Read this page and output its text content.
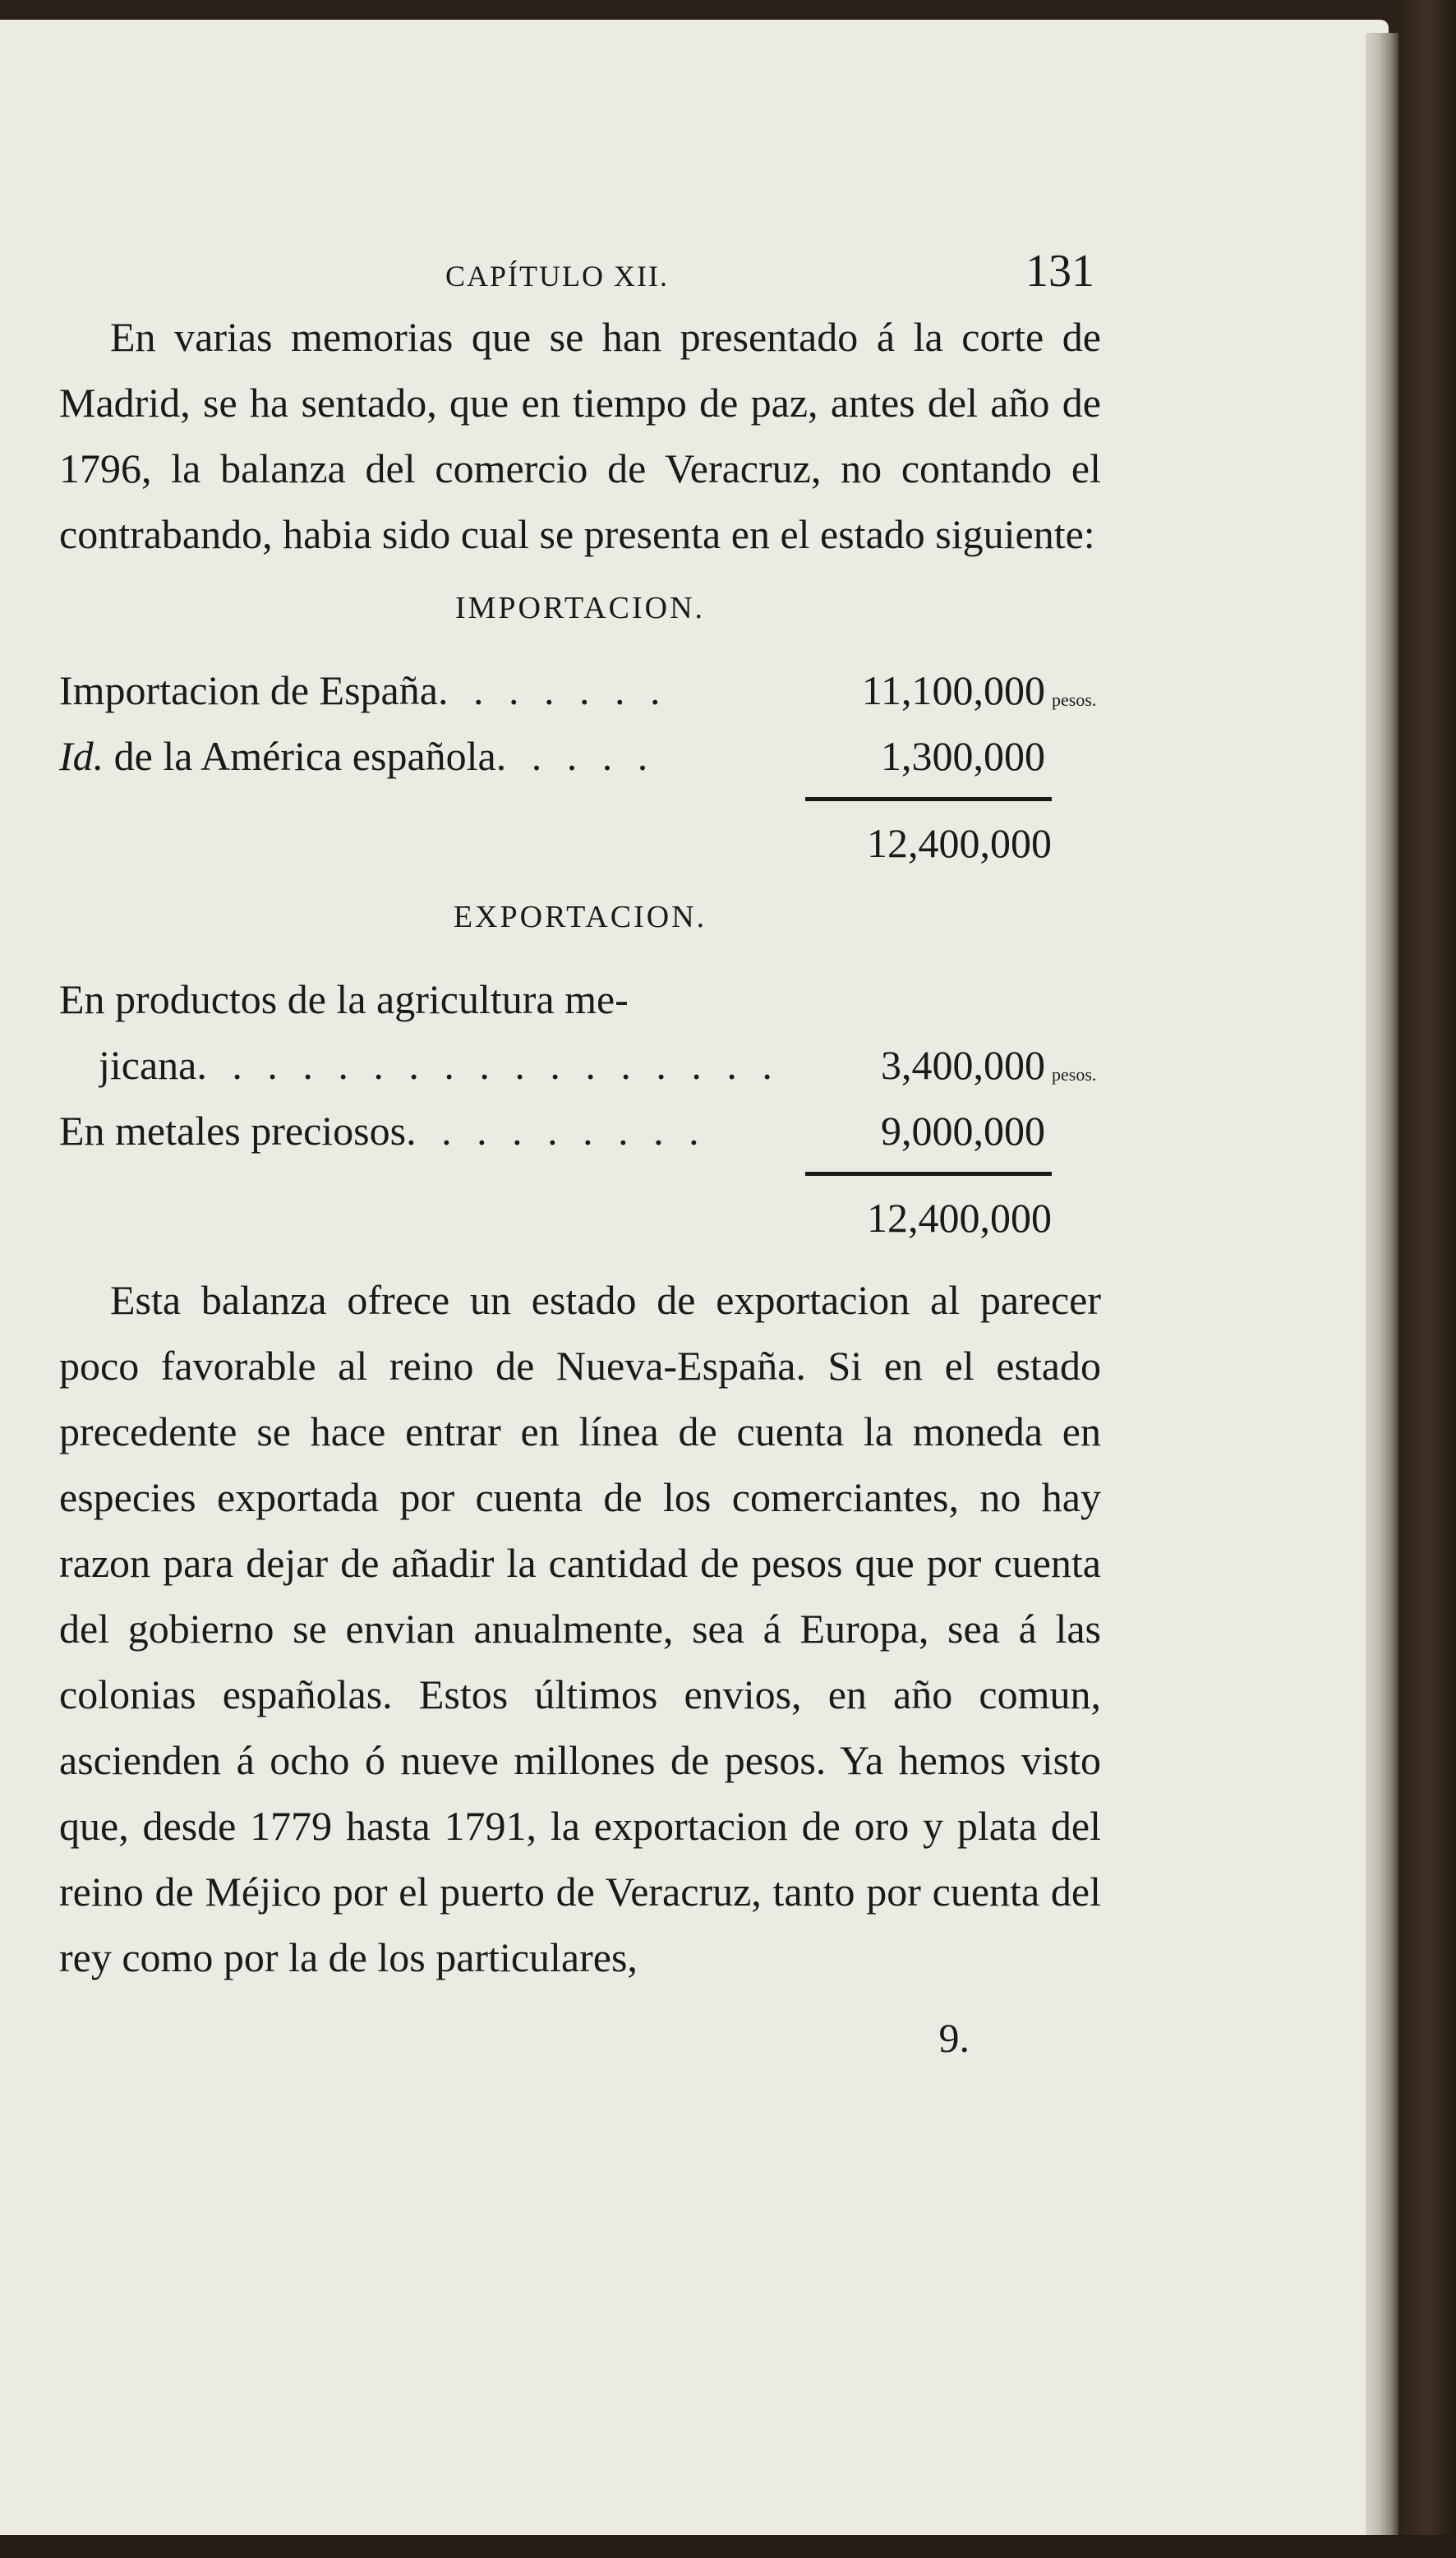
CAPÍTULO XII.	131

En varias memorias que se han presentado á la corte de Madrid, se ha sentado, que en tiempo de paz, antes del año de 1796, la balanza del comercio de Veracruz, no contando el contrabando, habia sido cual se presenta en el estado siguiente:

IMPORTACION.
Importacion de España. . . . . . .	11,100,000 pesos.
Id. de la América española. . . . .	1,300,000
12,400,000
EXPORTACION.
En productos de la agricultura me-
jicana. . . . . . . . . . . . . . . . .	3,400,000 pesos.
En metales preciosos. . . . . . . . .	9,000,000
12,400,000

Esta balanza ofrece un estado de exportacion al parecer poco favorable al reino de Nueva-España. Si en el estado precedente se hace entrar en línea de cuenta la moneda en especies exportada por cuenta de los comerciantes, no hay razon para dejar de añadir la cantidad de pesos que por cuenta del gobierno se envian anualmente, sea á Europa, sea á las colonias españolas. Estos últimos envios, en año comun, ascienden á ocho ó nueve millones de pesos. Ya hemos visto que, desde 1779 hasta 1791, la exportacion de oro y plata del reino de Méjico por el puerto de Veracruz, tanto por cuenta del rey como por la de los particulares,

9.
